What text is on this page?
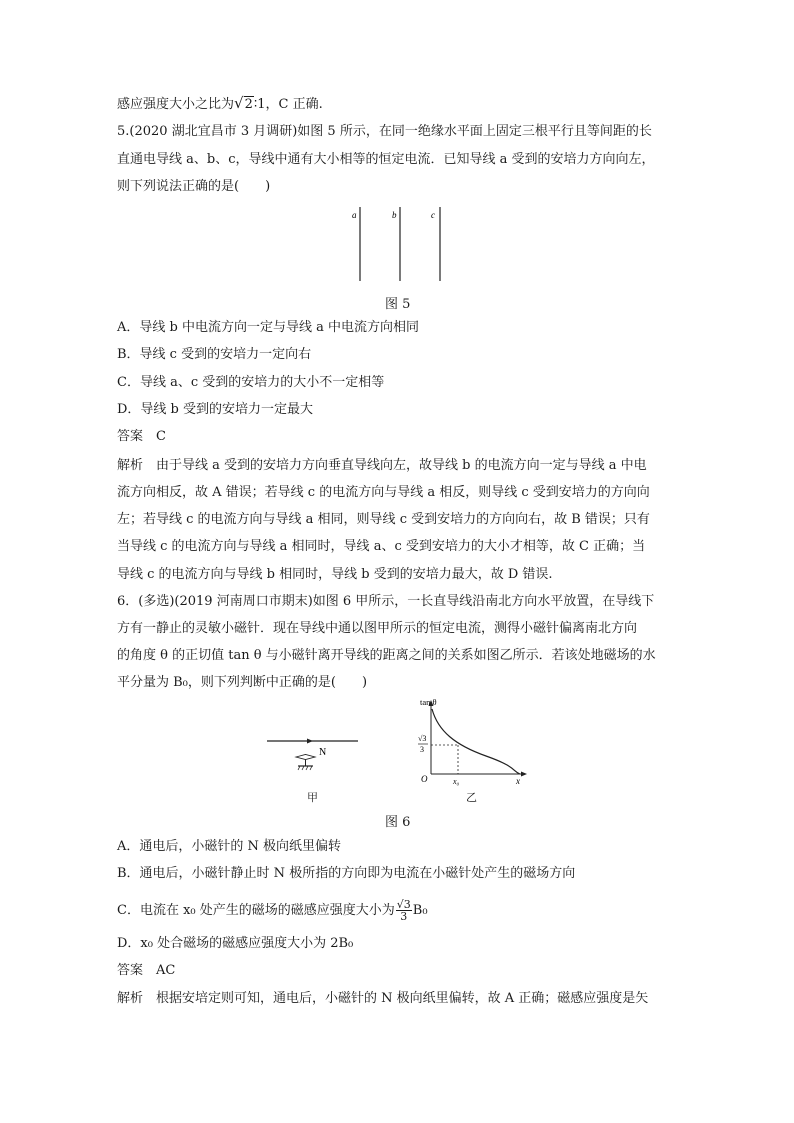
感应强度大小之比为√2∶1，C 正确.
5.(2020 湖北宜昌市 3 月调研)如图 5 所示，在同一绝缘水平面上固定三根平行且等间距的长
直通电导线 a、b、c，导线中通有大小相等的恒定电流．已知导线 a 受到的安培力方向向左，
则下列说法正确的是(　　)
a	b	c
图 5
A．导线 b 中电流方向一定与导线 a 中电流方向相同
B．导线 c 受到的安培力一定向右
C．导线 a、c 受到的安培力的大小不一定相等
D．导线 b 受到的安培力一定最大
答案　C
解析　由于导线 a 受到的安培力方向垂直导线向左，故导线 b 的电流方向一定与导线 a 中电
流方向相反，故 A 错误；若导线 c 的电流方向与导线 a 相反，则导线 c 受到安培力的方向向
左；若导线 c 的电流方向与导线 a 相同，则导线 c 受到安培力的方向向右，故 B 错误；只有
当导线 c 的电流方向与导线 a 相同时，导线 a、c 受到安培力的大小才相等，故 C 正确；当
导线 c 的电流方向与导线 b 相同时，导线 b 受到的安培力最大，故 D 错误.
6．(多选)(2019 河南周口市期末)如图 6 甲所示，一长直导线沿南北方向水平放置，在导线下
方有一静止的灵敏小磁针．现在导线中通以图甲所示的恒定电流，测得小磁针偏离南北方向
的角度 θ 的正切值 tan θ 与小磁针离开导线的距离之间的关系如图乙所示．若该处地磁场的水
平分量为 B₀，则下列判断中正确的是(　　)
N
甲
tan θ
√3
3
O	x₀	x
乙
图 6
A．通电后，小磁针的 N 极向纸里偏转
B．通电后，小磁针静止时 N 极所指的方向即为电流在小磁针处产生的磁场方向
C．电流在 x₀ 处产生的磁场的磁感应强度大小为 $\frac{√3}{3} B_0$
D．x₀ 处合磁场的磁感应强度大小为 2B₀
答案　AC
解析　根据安培定则可知，通电后，小磁针的 N 极向纸里偏转，故 A 正确；磁感应强度是矢
